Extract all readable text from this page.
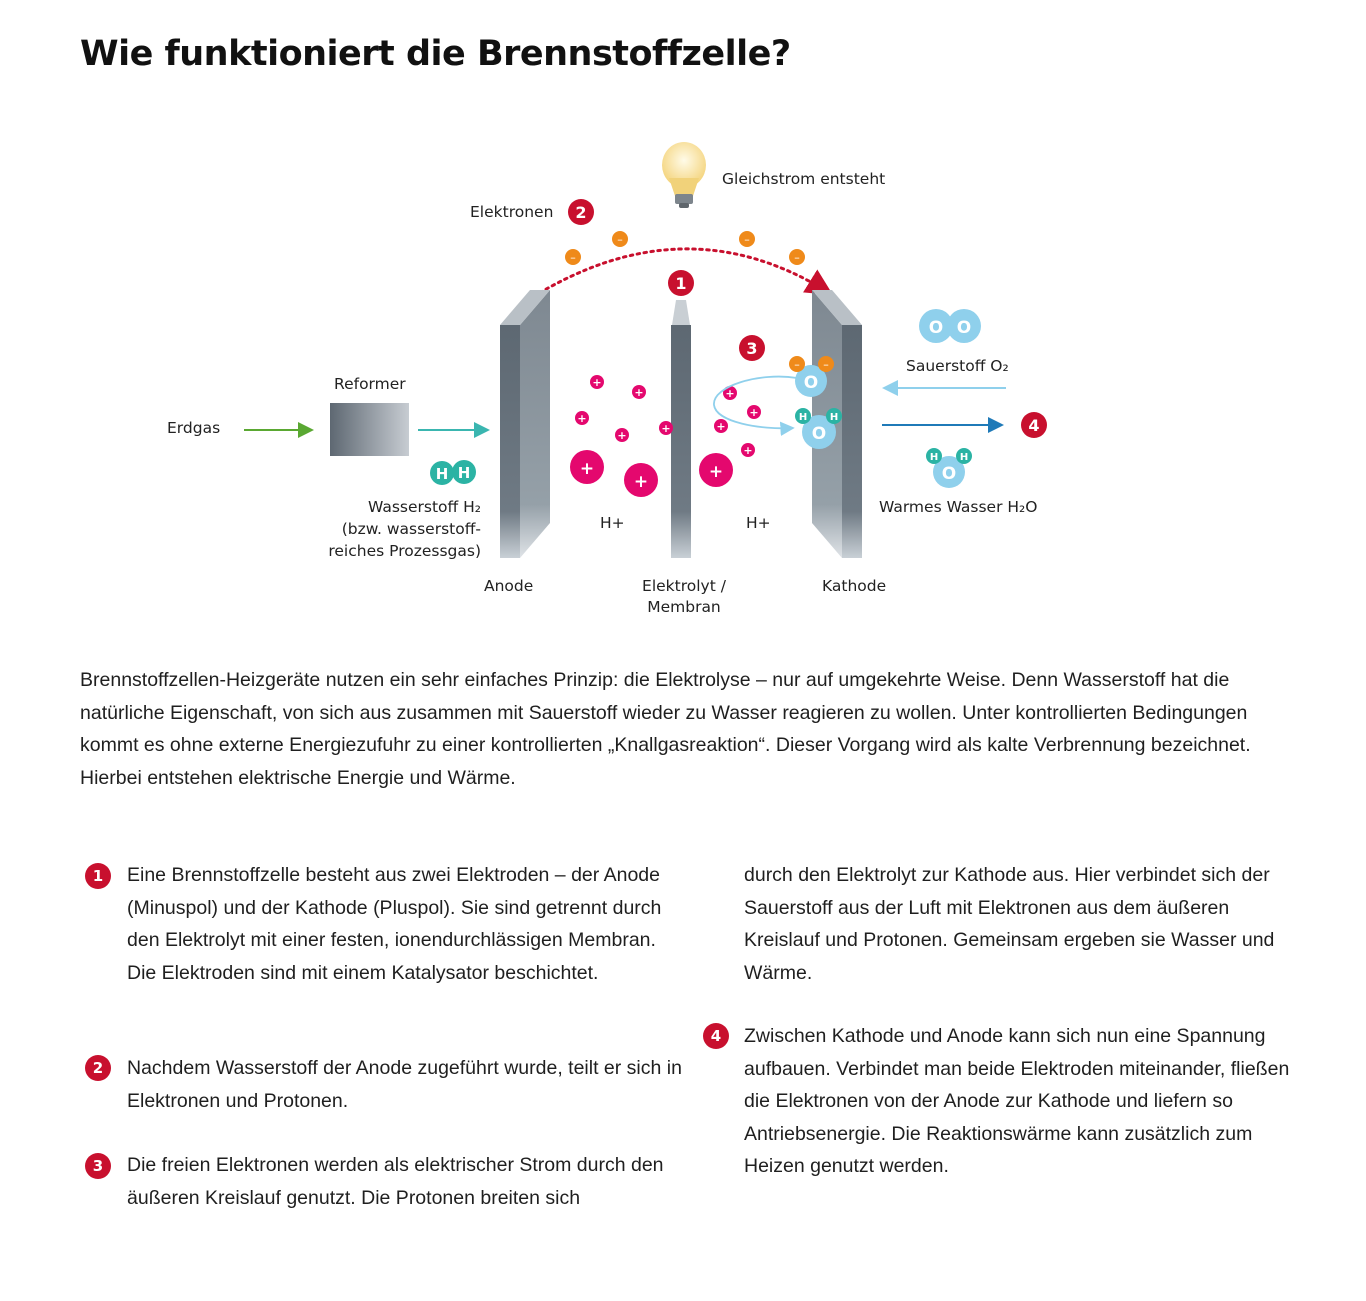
Wie funktioniert die Brennstoffzelle?
Gleichstrom entsteht
Elektronen 2
–
–	–
–
1
3
Reformer
Erdgas
H H
Wasserstoff H₂
(bzw. wasserstoff-
reiches Prozessgas)
+
+
+
+
+
+
+
+
+
+
+	+
O
– –
O
H H
O O
Sauerstoff O₂
4
O
H H
Warmes Wasser H₂O
H+	H+
Anode	Elektrolyt /
Membran
Kathode

Brennstoffzellen-Heizgeräte nutzen ein sehr einfaches Prinzip: die Elektrolyse – nur auf umgekehrte Weise. Denn Wasserstoff hat die natürliche Eigenschaft, von sich aus zusammen mit Sauerstoff wieder zu Wasser reagieren zu wollen. Unter kontrollierten Bedingungen kommt es ohne externe Energiezufuhr zu einer kontrollierten „Knallgasreaktion“. Dieser Vorgang wird als kalte Verbrennung bezeichnet. Hierbei entstehen elektrische Energie und Wärme.

1	Eine Brennstoffzelle besteht aus zwei Elektroden – der Anode (Minuspol) und der Kathode (Pluspol). Sie sind getrennt durch den Elektrolyt mit einer festen, ionendurchlässigen Membran. Die Elektroden sind mit einem Katalysator beschichtet.

2	Nachdem Wasserstoff der Anode zugeführt wurde, teilt er sich in Elektronen und Protonen.

3	Die freien Elektronen werden als elektrischer Strom durch den äußeren Kreislauf genutzt. Die Protonen breiten sich

durch den Elektrolyt zur Kathode aus. Hier verbindet sich der Sauerstoff aus der Luft mit Elektronen aus dem äußeren Kreislauf und Protonen. Gemeinsam ergeben sie Wasser und Wärme.

4	Zwischen Kathode und Anode kann sich nun eine Spannung aufbauen. Verbindet man beide Elektroden miteinander, fließen die Elektronen von der Anode zur Kathode und liefern so Antriebsenergie. Die Reaktionswärme kann zusätzlich zum Heizen genutzt werden.
